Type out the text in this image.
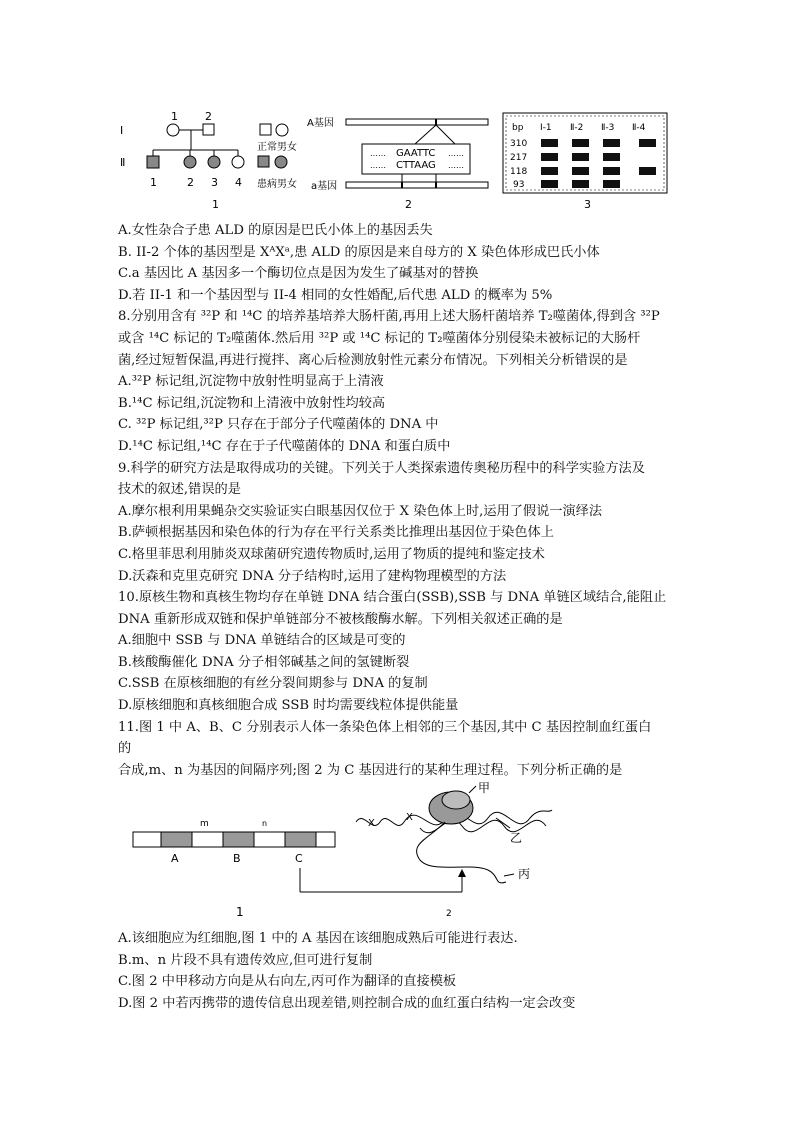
Ⅰ
Ⅱ
1 2
1	2 3 4
正常男女
患病男女
1
A基因
a基因
…… GAATTC ……
…… CTTAAG ……
2
bp Ⅰ-1 Ⅱ-2 Ⅱ-3 Ⅱ-4
310
217
118
93
3

A.女性杂合子患 ALD 的原因是巴氏小体上的基因丢失

B. II-2 个体的基因型是 XᴬXᵃ,患 ALD 的原因是来自母方的 X 染色体形成巴氏小体

C.a 基因比 A 基因多一个酶切位点是因为发生了碱基对的替换

D.若 II-1 和一个基因型与 II-4 相同的女性婚配,后代患 ALD 的概率为 5%

8.分别用含有 ³²P 和 ¹⁴C 的培养基培养大肠杆菌,再用上述大肠杆菌培养 T₂噬菌体,得到含 ³²P

或含 ¹⁴C 标记的 T₂噬菌体.然后用 ³²P 或 ¹⁴C 标记的 T₂噬菌体分别侵染未被标记的大肠杆

菌,经过短暂保温,再进行搅拌、离心后检测放射性元素分布情况。下列相关分析错误的是

A.³²P 标记组,沉淀物中放射性明显高于上清液

B.¹⁴C 标记组,沉淀物和上清液中放射性均较高

C. ³²P 标记组,³²P 只存在于部分子代噬菌体的 DNA 中

D.¹⁴C 标记组,¹⁴C 存在于子代噬菌体的 DNA 和蛋白质中

9.科学的研究方法是取得成功的关键。下列关于人类探索遗传奥秘历程中的科学实验方法及

技术的叙述,错误的是

A.摩尔根利用果蝇杂交实验证实白眼基因仅位于 X 染色体上时,运用了假说一演绎法

B.萨顿根据基因和染色体的行为存在平行关系类比推理出基因位于染色体上

C.格里菲思利用肺炎双球菌研究遗传物质时,运用了物质的提纯和鉴定技术

D.沃森和克里克研究 DNA 分子结构时,运用了建构物理模型的方法

10.原核生物和真核生物均存在单链 DNA 结合蛋白(SSB),SSB 与 DNA 单链区域结合,能阻止

DNA 重新形成双链和保护单链部分不被核酸酶水解。下列相关叙述正确的是

A.细胞中 SSB 与 DNA 单链结合的区域是可变的

B.核酸酶催化 DNA 分子相邻碱基之间的氢键断裂

C.SSB 在原核细胞的有丝分裂间期参与 DNA 的复制

D.原核细胞和真核细胞合成 SSB 时均需要线粒体提供能量

11.图 1 中 A、B、C 分别表示人体一条染色体上相邻的三个基因,其中 C 基因控制血红蛋白

的

合成,m、n 为基因的间隔序列;图 2 为 C 基因进行的某种生理过程。下列分析正确的是

m	n
A	B	C
1	2
X
X
甲
乙
丙

A.该细胞应为红细胞,图 1 中的 A 基因在该细胞成熟后可能进行表达.

B.m、n 片段不具有遗传效应,但可进行复制

C.图 2 中甲移动方向是从右向左,丙可作为翻译的直接模板

D.图 2 中若丙携带的遗传信息出现差错,则控制合成的血红蛋白结构一定会改变
